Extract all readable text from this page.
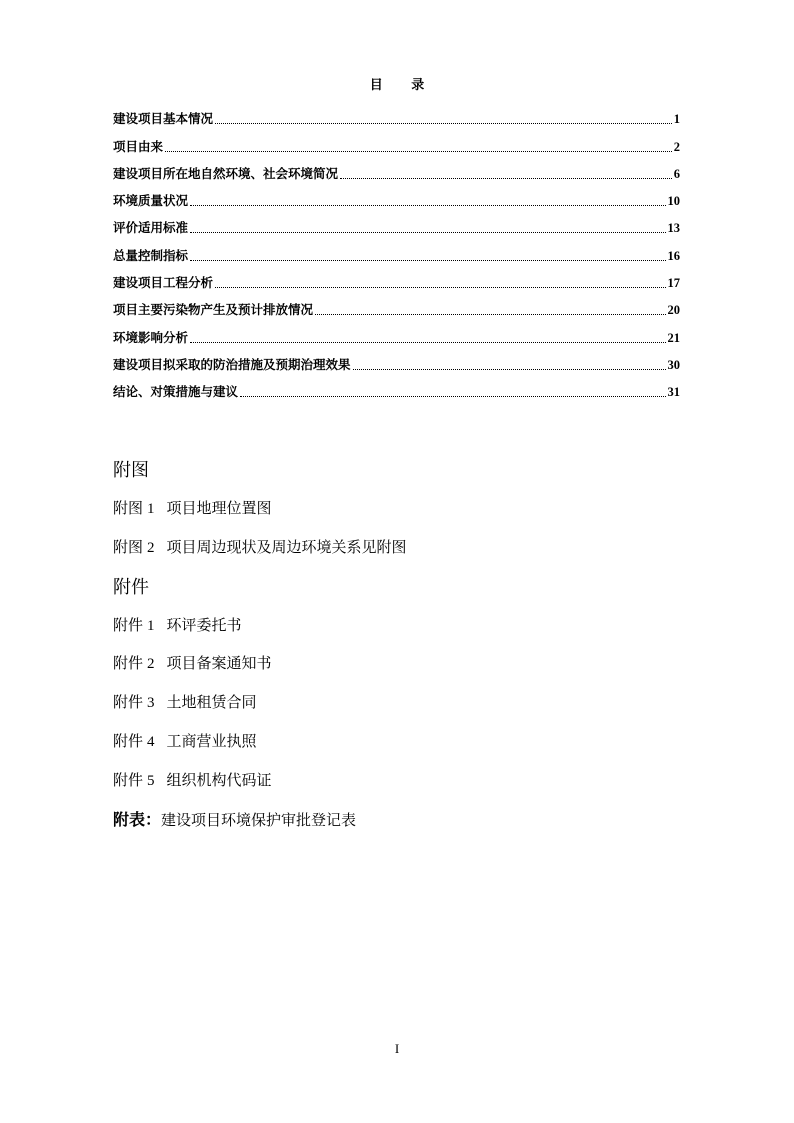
目 录
建设项目基本情况	1
项目由来	2
建设项目所在地自然环境、社会环境简况	6
环境质量状况	10
评价适用标准	13
总量控制指标	16
建设项目工程分析	17
项目主要污染物产生及预计排放情况	20
环境影响分析	21
建设项目拟采取的防治措施及预期治理效果	30
结论、对策措施与建议	31
附图
附图 1 项目地理位置图
附图 2 项目周边现状及周边环境关系见附图
附件
附件 1 环评委托书
附件 2 项目备案通知书
附件 3 土地租赁合同
附件 4 工商营业执照
附件 5 组织机构代码证
附表：建设项目环境保护审批登记表
I
